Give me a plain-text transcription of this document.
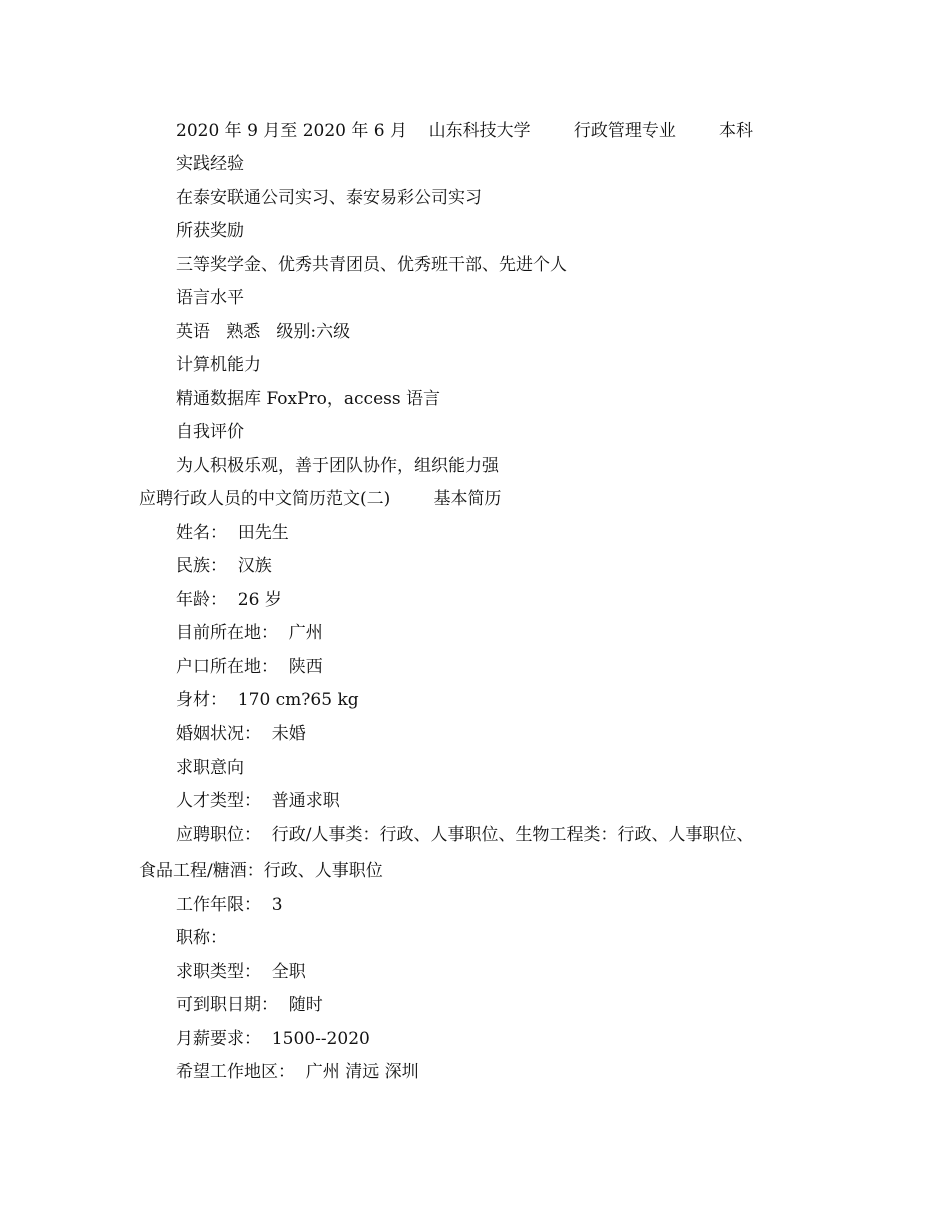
2020 年 9 月至 2020 年 6 月    山东科技大学        行政管理专业        本科
实践经验
在泰安联通公司实习、泰安易彩公司实习
所获奖励
三等奖学金、优秀共青团员、优秀班干部、先进个人
语言水平
英语   熟悉   级别:六级
计算机能力
精通数据库 FoxPro，access 语言
自我评价
为人积极乐观，善于团队协作，组织能力强
应聘行政人员的中文简历范文(二)        基本简历
姓名：  田先生
民族：  汉族
年龄：  26 岁
目前所在地：  广州
户口所在地：  陕西
身材：  170 cm?65 kg
婚姻状况：  未婚
求职意向
人才类型：  普通求职
应聘职位：  行政/人事类：行政、人事职位、生物工程类：行政、人事职位、
食品工程/糖酒：行政、人事职位
工作年限：  3
职称：
求职类型：  全职
可到职日期：  随时
月薪要求：  1500--2020
希望工作地区：  广州 清远 深圳
